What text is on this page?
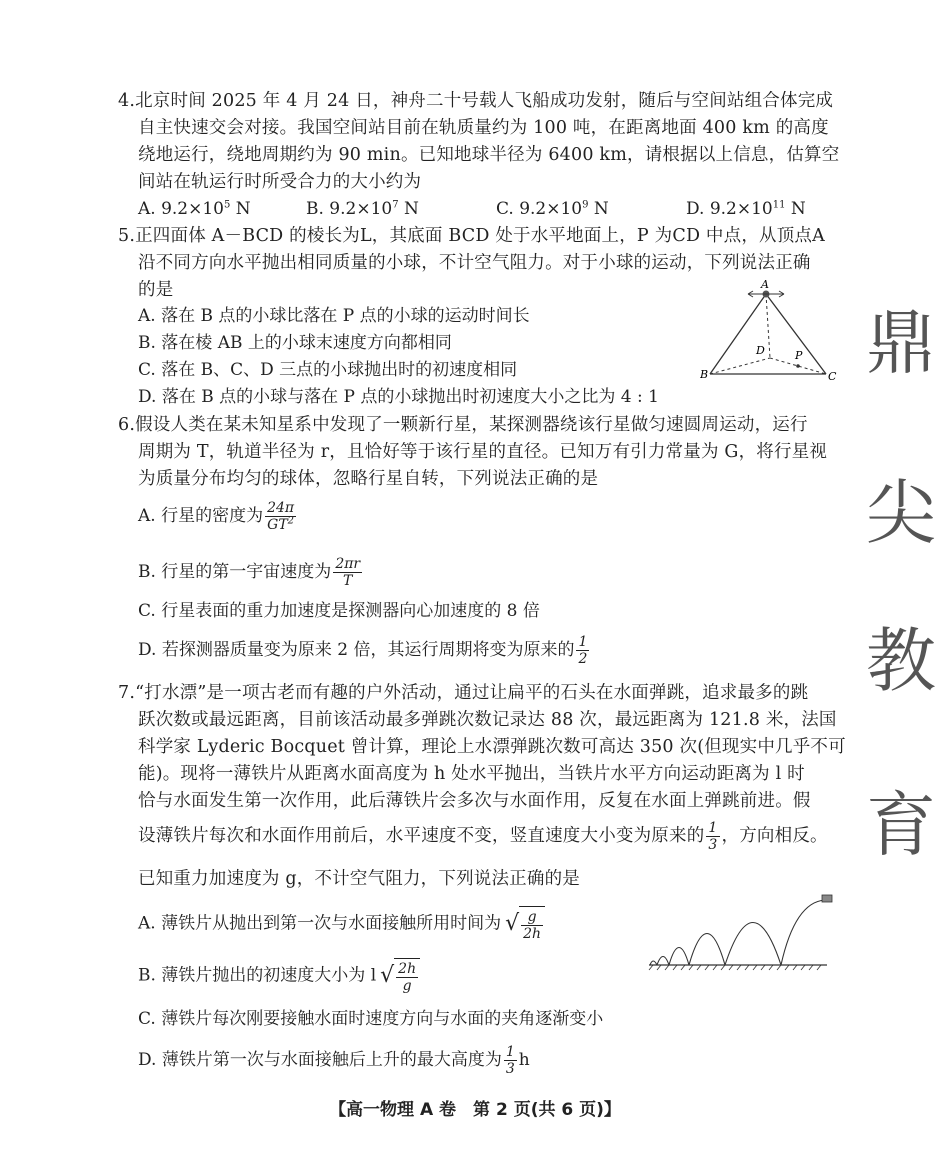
4.北京时间 2025 年 4 月 24 日，神舟二十号载人飞船成功发射，随后与空间站组合体完成
自主快速交会对接。我国空间站目前在轨质量约为 100 吨，在距离地面 400 km 的高度
绕地运行，绕地周期约为 90 min。已知地球半径为 6400 km，请根据以上信息，估算空
间站在轨运行时所受合力的大小约为
A. $9.2\times 10^5$ N	B. $9.2\times 10^7$ N	C. $9.2\times 10^9$ N	D. $9.2\times 10^{11}$ N
5.正四面体 A－BCD 的棱长为L，其底面 BCD 处于水平地面上，P 为CD 中点，从顶点A
沿不同方向水平抛出相同质量的小球，不计空气阻力。对于小球的运动，下列说法正确
的是
A. 落在 B 点的小球比落在 P 点的小球的运动时间长
B. 落在棱 AB 上的小球末速度方向都相同
C. 落在 B、C、D 三点的小球抛出时的初速度相同
D. 落在 B 点的小球与落在 P 点的小球抛出时初速度大小之比为 4 : 1
A
B	C
D	P
6.假设人类在某未知星系中发现了一颗新行星，某探测器绕该行星做匀速圆周运动，运行
周期为 T，轨道半径为 r，且恰好等于该行星的直径。已知万有引力常量为 G，将行星视
为质量分布均匀的球体，忽略行星自转，下列说法正确的是
A. 行星的密度为 $\frac{24\pi}{GT^2}$
B. 行星的第一宇宙速度为 $\frac{2\pi r}{T}$
C. 行星表面的重力加速度是探测器向心加速度的 8 倍
D. 若探测器质量变为原来 2 倍，其运行周期将变为原来的 $\frac{1}{2}$
7.“打水漂”是一项古老而有趣的户外活动，通过让扁平的石头在水面弹跳，追求最多的跳
跃次数或最远距离，目前该活动最多弹跳次数记录达 88 次，最远距离为 121.8 米，法国
科学家 Lyderic Bocquet 曾计算，理论上水漂弹跳次数可高达 350 次(但现实中几乎不可
能)。现将一薄铁片从距离水面高度为 h 处水平抛出，当铁片水平方向运动距离为 l 时
恰与水面发生第一次作用，此后薄铁片会多次与水面作用，反复在水面上弹跳前进。假
设薄铁片每次和水面作用前后，水平速度不变，竖直速度大小变为原来的 $\frac{1}{3}$ ，方向相反。
已知重力加速度为 g，不计空气阻力，下列说法正确的是
A. 薄铁片从抛出到第一次与水面接触所用时间为 √ $\frac{g}{2h}$
B. 薄铁片抛出的初速度大小为 l √ $\frac{2h}{g}$
C. 薄铁片每次刚要接触水面时速度方向与水面的夹角逐渐变小
D. 薄铁片第一次与水面接触后上升的最大高度为 $\frac{1}{3}$ h
鼎
尖
教
育
【高一物理 A 卷　第 2 页(共 6 页)】
